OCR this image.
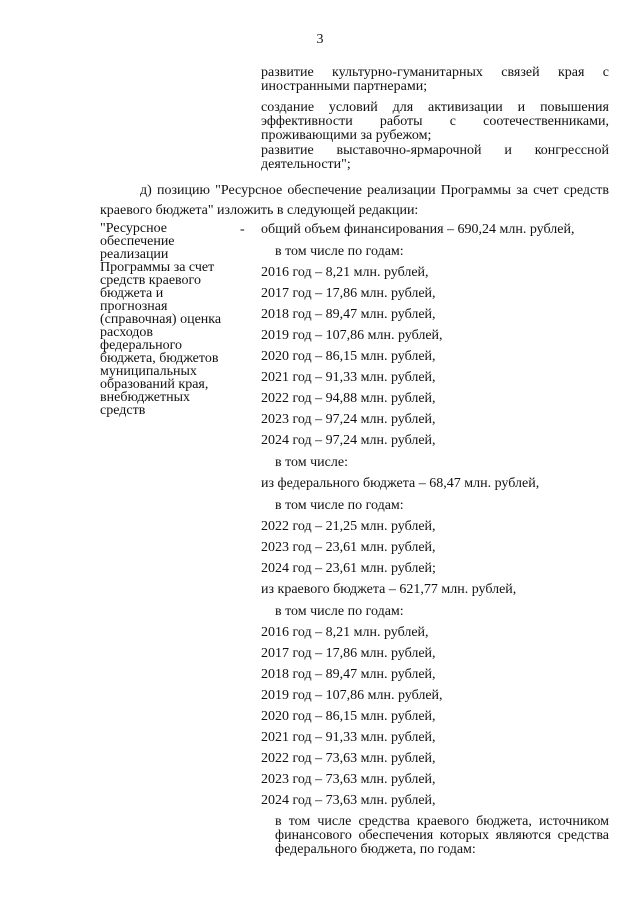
3
развитие культурно-гуманитарных связей края с иностранными партнерами;
создание условий для активизации и повышения эффективности работы с соотечественниками, проживающими за рубежом;
развитие выставочно-ярмарочной и конгрессной деятельности";
д) позицию "Ресурсное обеспечение реализации Программы за счет средств краевого бюджета" изложить в следующей редакции:
"Ресурсное обеспечение реализации Программы за счет средств краевого бюджета и прогнозная (справочная) оценка расходов федерального бюджета, бюджетов муниципальных образований края, внебюджетных средств
- общий объем финансирования – 690,24 млн. рублей,
в том числе по годам:
2016 год – 8,21 млн. рублей,
2017 год – 17,86 млн. рублей,
2018 год – 89,47 млн. рублей,
2019 год – 107,86 млн. рублей,
2020 год – 86,15 млн. рублей,
2021 год – 91,33 млн. рублей,
2022 год – 94,88 млн. рублей,
2023 год – 97,24 млн. рублей,
2024 год – 97,24 млн. рублей,
в том числе:
из федерального бюджета – 68,47 млн. рублей,
в том числе по годам:
2022 год – 21,25 млн. рублей,
2023 год – 23,61 млн. рублей,
2024 год – 23,61 млн. рублей;
из краевого бюджета – 621,77 млн. рублей,
в том числе по годам:
2016 год – 8,21 млн. рублей,
2017 год – 17,86 млн. рублей,
2018 год – 89,47 млн. рублей,
2019 год – 107,86 млн. рублей,
2020 год – 86,15 млн. рублей,
2021 год – 91,33 млн. рублей,
2022 год – 73,63 млн. рублей,
2023 год – 73,63 млн. рублей,
2024 год – 73,63 млн. рублей,
в том числе средства краевого бюджета, источником финансового обеспечения которых являются средства федерального бюджета, по годам:
